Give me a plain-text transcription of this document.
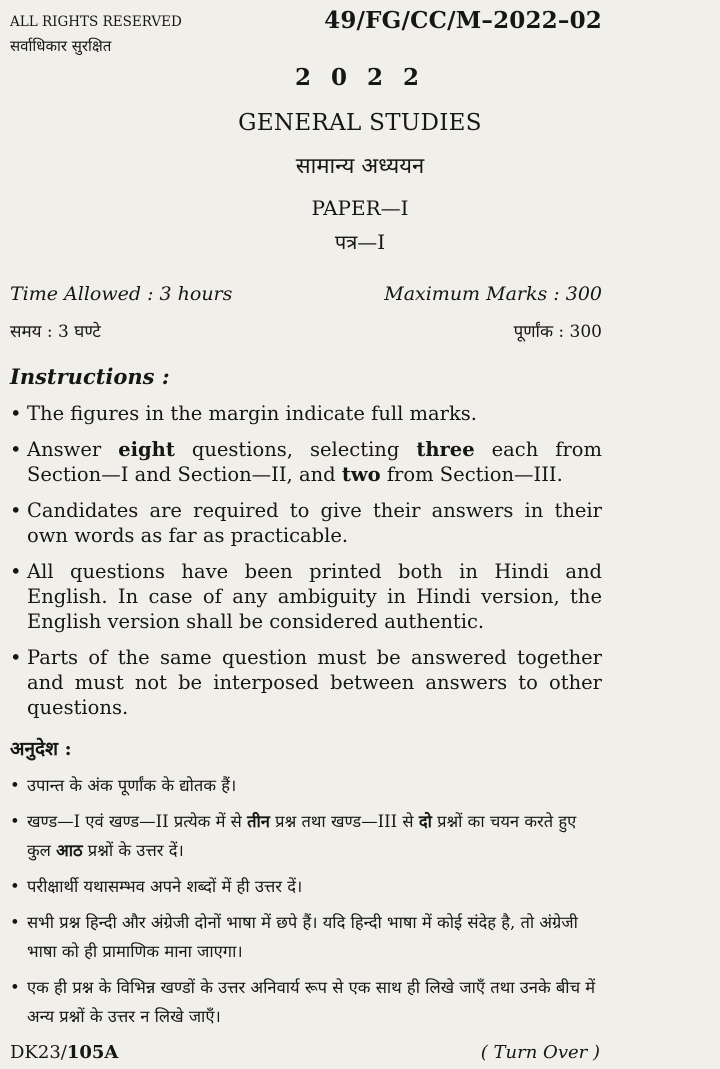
ALL RIGHTS RESERVED
सर्वाधिकार सुरक्षित
49/FG/CC/M–2022–02
2 0 2 2
GENERAL STUDIES
सामान्य अध्ययन
PAPER—I
पत्र—I
Time Allowed : 3 hours	Maximum Marks : 300
समय : 3 घण्टे	पूर्णांक : 300
Instructions :
• The figures in the margin indicate full marks.
• Answer eight questions, selecting three each from Section—I and Section—II, and two from Section—III.
• Candidates are required to give their answers in their own words as far as practicable.
• All questions have been printed both in Hindi and English. In case of any ambiguity in Hindi version, the English version shall be considered authentic.
• Parts of the same question must be answered together and must not be interposed between answers to other questions.
अनुदेश :
• उपान्त के अंक पूर्णांक के द्योतक हैं।
• खण्ड—I एवं खण्ड—II प्रत्येक में से तीन प्रश्न तथा खण्ड—III से दो प्रश्नों का चयन करते हुए कुल आठ प्रश्नों के उत्तर दें।
• परीक्षार्थी यथासम्भव अपने शब्दों में ही उत्तर दें।
• सभी प्रश्न हिन्दी और अंग्रेजी दोनों भाषा में छपे हैं। यदि हिन्दी भाषा में कोई संदेह है, तो अंग्रेजी भाषा को ही प्रामाणिक माना जाएगा।
• एक ही प्रश्न के विभिन्न खण्डों के उत्तर अनिवार्य रूप से एक साथ ही लिखे जाएँ तथा उनके बीच में अन्य प्रश्नों के उत्तर न लिखे जाएँ।
DK23/105A	( Turn Over )
